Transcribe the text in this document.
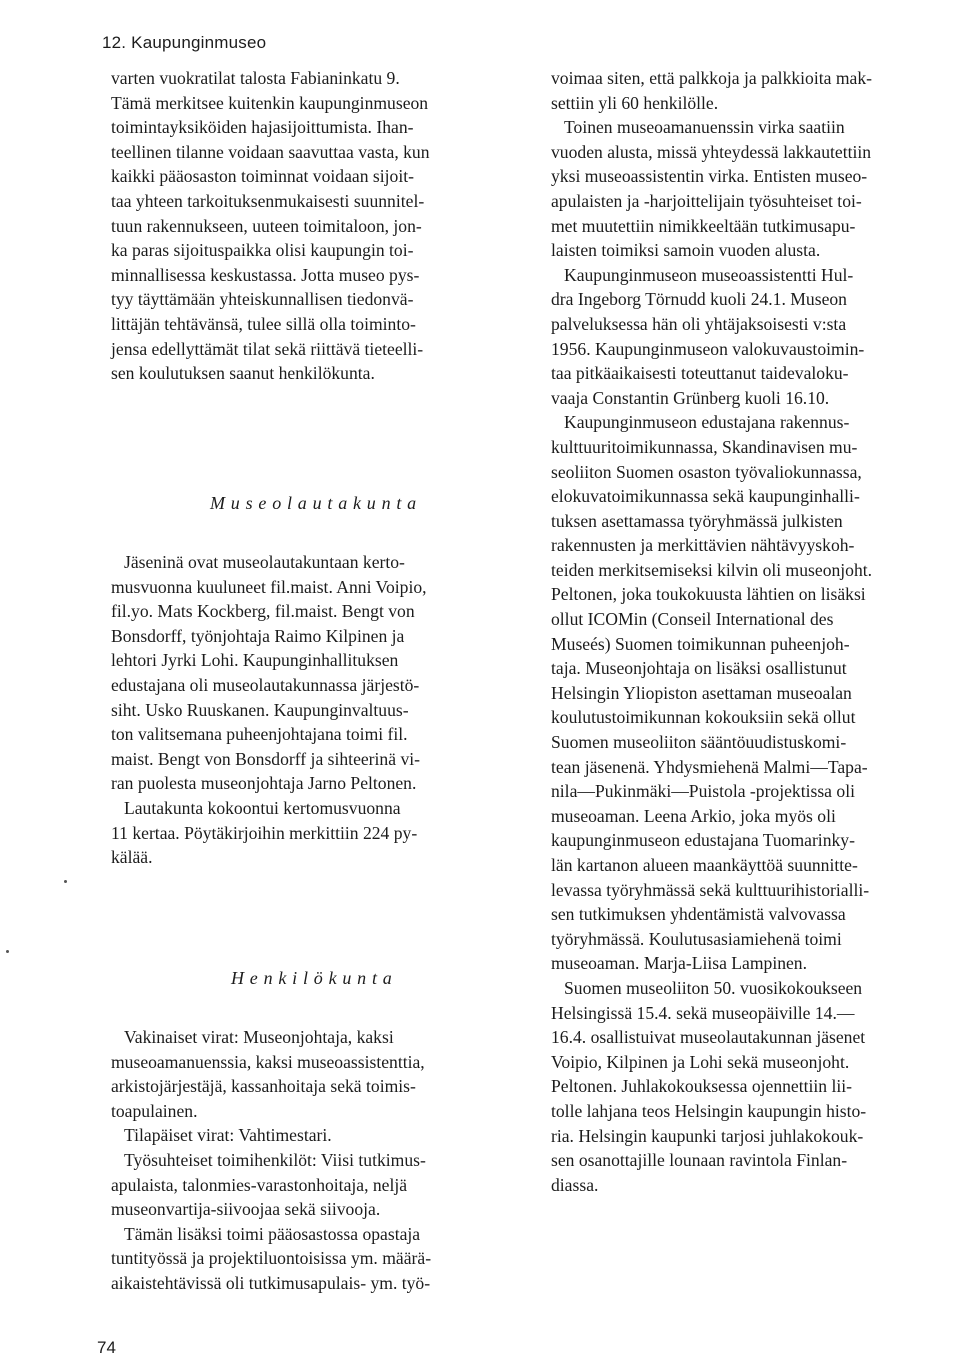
12. Kaupunginmuseo

varten vuokratilat talosta Fabianinkatu 9.
Tämä merkitsee kuitenkin kaupunginmuseon
toimintayksiköiden hajasijoittumista. Ihan-
teellinen tilanne voidaan saavuttaa vasta, kun
kaikki pääosaston toiminnat voidaan sijoit-
taa yhteen tarkoituksenmukaisesti suunnitel-
tuun rakennukseen, uuteen toimitaloon, jon-
ka paras sijoituspaikka olisi kaupungin toi-
minnallisessa keskustassa. Jotta museo pys-
tyy täyttämään yhteiskunnallisen tiedonvä-
littäjän tehtävänsä, tulee sillä olla toiminto-
jensa edellyttämät tilat sekä riittävä tieteelli-
sen koulutuksen saanut henkilökunta.

Museolautakunta

Jäseninä ovat museolautakuntaan kerto-
musvuonna kuuluneet fil.maist. Anni Voipio,
fil.yo. Mats Kockberg, fil.maist. Bengt von
Bonsdorff, työnjohtaja Raimo Kilpinen ja
lehtori Jyrki Lohi. Kaupunginhallituksen
edustajana oli museolautakunnassa järjestö-
siht. Usko Ruuskanen. Kaupunginvaltuus-
ton valitsemana puheenjohtajana toimi fil.
maist. Bengt von Bonsdorff ja sihteerinä vi-
ran puolesta museonjohtaja Jarno Peltonen.

Lautakunta kokoontui kertomusvuonna
11 kertaa. Pöytäkirjoihin merkittiin 224 py-
kälää.

Henkilökunta

Vakinaiset virat: Museonjohtaja, kaksi
museoamanuenssia, kaksi museoassistenttia,
arkistojärjestäjä, kassanhoitaja sekä toimis-
toapulainen.

Tilapäiset virat: Vahtimestari.

Työsuhteiset toimihenkilöt: Viisi tutkimus-
apulaista, talonmies-varastonhoitaja, neljä
museonvartija-siivoojaa sekä siivooja.

Tämän lisäksi toimi pääosastossa opastaja
tuntityössä ja projektiluontoisissa ym. määrä-
aikaistehtävissä oli tutkimusapulais- ym. työ-

voimaa siten, että palkkoja ja palkkioita mak-
settiin yli 60 henkilölle.

Toinen museoamanuenssin virka saatiin
vuoden alusta, missä yhteydessä lakkautettiin
yksi museoassistentin virka. Entisten museo-
apulaisten ja -harjoittelijain työsuhteiset toi-
met muutettiin nimikkeeltään tutkimusapu-
laisten toimiksi samoin vuoden alusta.

Kaupunginmuseon museoassistentti Hul-
dra Ingeborg Törnudd kuoli 24.1. Museon
palveluksessa hän oli yhtäjaksoisesti v:sta
1956. Kaupunginmuseon valokuvaustoimin-
taa pitkäaikaisesti toteuttanut taidevaloku-
vaaja Constantin Grünberg kuoli 16.10.

Kaupunginmuseon edustajana rakennus-
kulttuuritoimikunnassa, Skandinavisen mu-
seoliiton Suomen osaston työvaliokunnassa,
elokuvatoimikunnassa sekä kaupunginhalli-
tuksen asettamassa työryhmässä julkisten
rakennusten ja merkittävien nähtävyyskoh-
teiden merkitsemiseksi kilvin oli museonjoht.
Peltonen, joka toukokuusta lähtien on lisäksi
ollut ICOMin (Conseil International des
Museés) Suomen toimikunnan puheenjoh-
taja. Museonjohtaja on lisäksi osallistunut
Helsingin Yliopiston asettaman museoalan
koulutustoimikunnan kokouksiin sekä ollut
Suomen museoliiton sääntöuudistuskomi-
tean jäsenenä. Yhdysmiehenä Malmi—Tapa-
nila—Pukinmäki—Puistola -projektissa oli
museoaman. Leena Arkio, joka myös oli
kaupunginmuseon edustajana Tuomarinky-
län kartanon alueen maankäyttöä suunnitte-
levassa työryhmässä sekä kulttuurihistorialli-
sen tutkimuksen yhdentämistä valvovassa
työryhmässä. Koulutusasiamiehenä toimi
museoaman. Marja-Liisa Lampinen.

Suomen museoliiton 50. vuosikokoukseen
Helsingissä 15.4. sekä museopäiville 14.—
16.4. osallistuivat museolautakunnan jäsenet
Voipio, Kilpinen ja Lohi sekä museonjoht.
Peltonen. Juhlakokouksessa ojennettiin lii-
tolle lahjana teos Helsingin kaupungin histo-
ria. Helsingin kaupunki tarjosi juhlakokouk-
sen osanottajille lounaan ravintola Finlan-
diassa.

74
